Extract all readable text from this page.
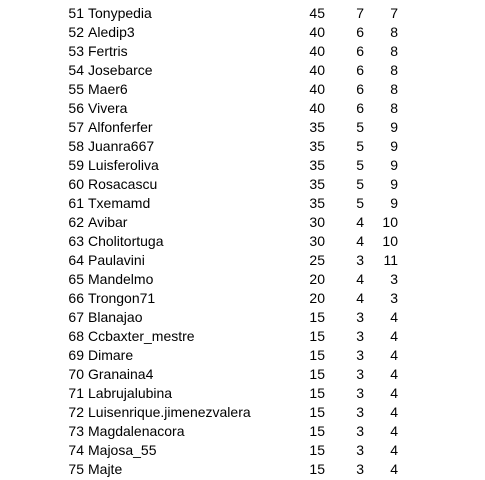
51 Tonypedia	45	7	7
52 Aledip3	40	6	8
53 Fertris	40	6	8
54 Josebarce	40	6	8
55 Maer6	40	6	8
56 Vivera	40	6	8
57 Alfonferfer	35	5	9
58 Juanra667	35	5	9
59 Luisferoliva	35	5	9
60 Rosacascu	35	5	9
61 Txemamd	35	5	9
62 Avibar	30	4	10
63 Cholitortuga	30	4	10
64 Paulavini	25	3	11
65 Mandelmo	20	4	3
66 Trongon71	20	4	3
67 Blanajao	15	3	4
68 Ccbaxter_mestre	15	3	4
69 Dimare	15	3	4
70 Granaina4	15	3	4
71 Labrujalubina	15	3	4
72 Luisenrique.jimenezvalera	15	3	4
73 Magdalenacora	15	3	4
74 Majosa_55	15	3	4
75 Majte	15	3	4
